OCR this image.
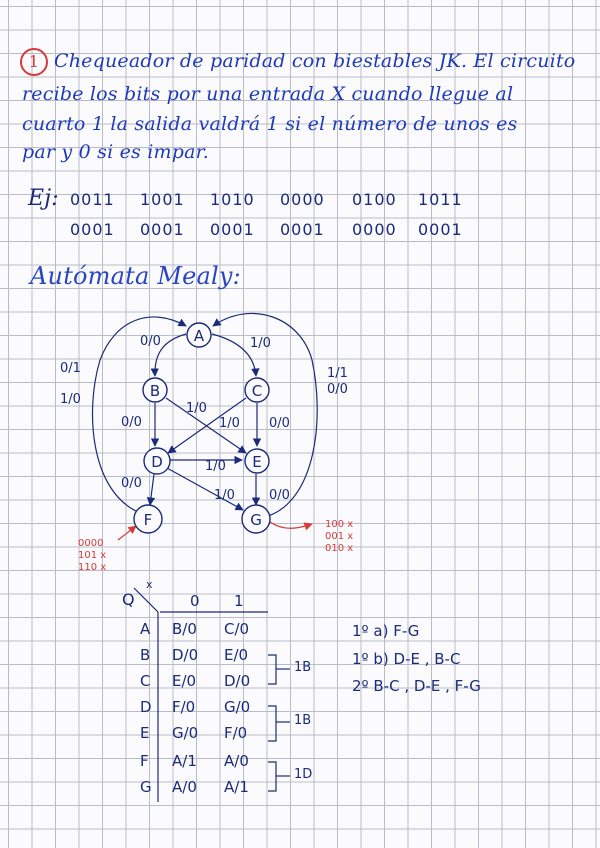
1 Chequeador de paridad con biestables JK. El circuito
recibe los bits por una entrada X cuando llegue al
cuarto 1 la salida valdrá 1 si el número de unos es
par y 0 si es impar.
Ej: 0011 1001 1010 0000 0100 1011
0001 0001 0001 0001 0000 0001
Autómata Mealy:
A
B	C
D	E
F	G
0/0	1/0
0/1
1/0
1/1
0/0
0/0
1/0
1/0 0/0
1/0
1/0
0/0
0/0
0000
101 x
110 x
100 x
001 x
010 x
Q
x
0 1
A B/0 C/0
B D/0 E/0
C E/0 D/0
D F/0 G/0
E G/0 F/0
F A/1 A/0
G A/0 A/1
1B
1B
1D
1º a) F-G
1º b) D-E , B-C
2º B-C , D-E , F-G
